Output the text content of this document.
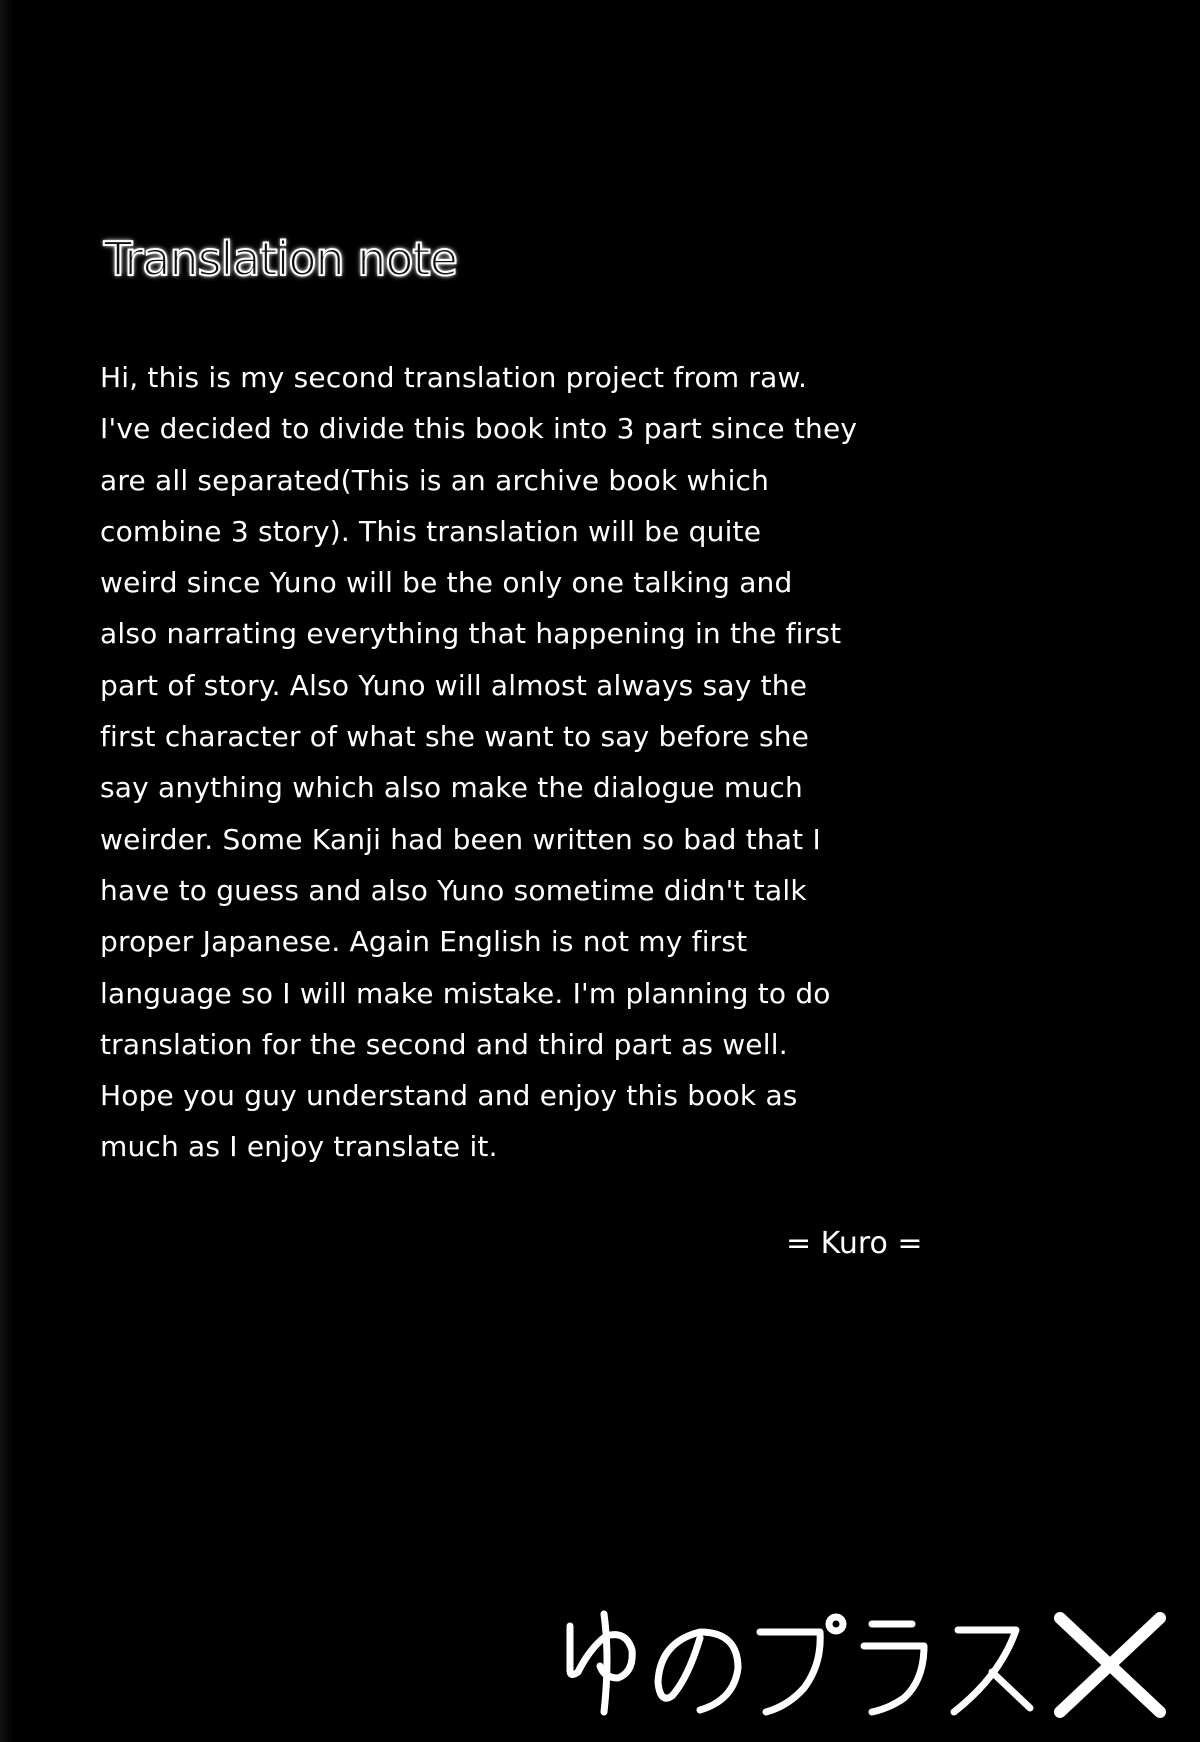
Translation note
Hi, this is my second translation project from raw.
I've decided to divide this book into 3 part since they
are all separated(This is an archive book which
combine 3 story). This translation will be quite
weird since Yuno will be the only one talking and
also narrating everything that happening in the first
part of story. Also Yuno will almost always say the
first character of what she want to say before she
say anything which also make the dialogue much
weirder. Some Kanji had been written so bad that I
have to guess and also Yuno sometime didn't talk
proper Japanese. Again English is not my first
language so I will make mistake. I'm planning to do
translation for the second and third part as well.
Hope you guy understand and enjoy this book as
much as I enjoy translate it.
= Kuro =
